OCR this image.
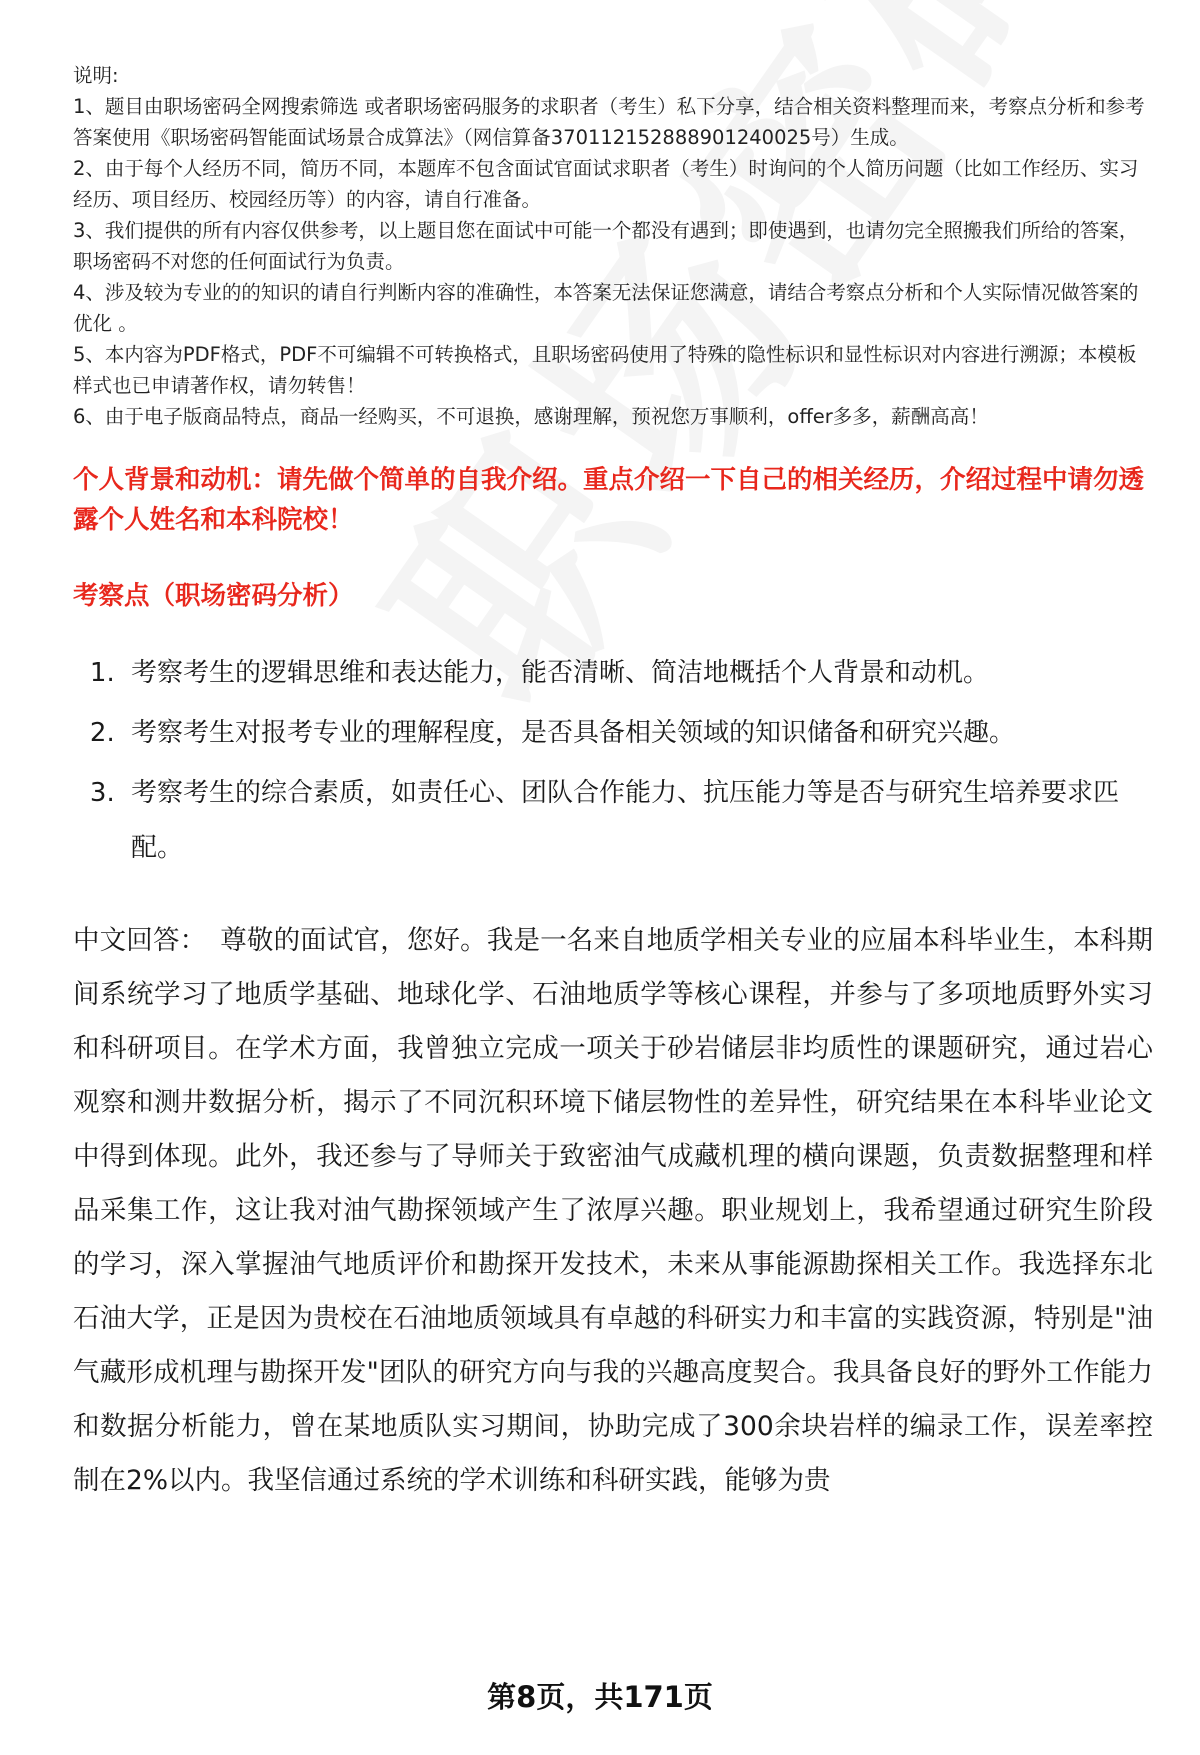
说明:

1、题目由职场密码全网搜索筛选 或者职场密码服务的求职者（考生）私下分享，结合相关资料整理而来，考察点分析和参考答案使用《职场密码智能面试场景合成算法》（网信算备370112152888901240025号）生成。

2、由于每个人经历不同，简历不同，本题库不包含面试官面试求职者（考生）时询问的个人简历问题（比如工作经历、实习经历、项目经历、校园经历等）的内容，请自行准备。

3、我们提供的所有内容仅供参考，以上题目您在面试中可能一个都没有遇到；即使遇到，也请勿完全照搬我们所给的答案，职场密码不对您的任何面试行为负责。

4、涉及较为专业的的知识的请自行判断内容的准确性，本答案无法保证您满意，请结合考察点分析和个人实际情况做答案的优化 。

5、本内容为PDF格式，PDF不可编辑不可转换格式，且职场密码使用了特殊的隐性标识和显性标识对内容进行溯源；本模板样式也已申请著作权，请勿转售！

6、由于电子版商品特点，商品一经购买，不可退换，感谢理解，预祝您万事顺利，offer多多，薪酬高高！

个人背景和动机：请先做个简单的自我介绍。重点介绍一下自己的相关经历，介绍过程中请勿透露个人姓名和本科院校！
考察点（职场密码分析）
1. 考察考生的逻辑思维和表达能力，能否清晰、简洁地概括个人背景和动机。
2. 考察考生对报考专业的理解程度，是否具备相关领域的知识储备和研究兴趣。
3. 考察考生的综合素质，如责任心、团队合作能力、抗压能力等是否与研究生培养要求匹配。
中文回答： 尊敬的面试官，您好。我是一名来自地质学相关专业的应届本科毕业生，本科期间系统学习了地质学基础、地球化学、石油地质学等核心课程，并参与了多项地质野外实习和科研项目。在学术方面，我曾独立完成一项关于砂岩储层非均质性的课题研究，通过岩心观察和测井数据分析，揭示了不同沉积环境下储层物性的差异性，研究结果在本科毕业论文中得到体现。此外，我还参与了导师关于致密油气成藏机理的横向课题，负责数据整理和样品采集工作，这让我对油气勘探领域产生了浓厚兴趣。职业规划上，我希望通过研究生阶段的学习，深入掌握油气地质评价和勘探开发技术，未来从事能源勘探相关工作。我选择东北石油大学，正是因为贵校在石油地质领域具有卓越的科研实力和丰富的实践资源，特别是"油气藏形成机理与勘探开发"团队的研究方向与我的兴趣高度契合。我具备良好的野外工作能力和数据分析能力，曾在某地质队实习期间，协助完成了300余块岩样的编录工作，误差率控制在2%以内。我坚信通过系统的学术训练和科研实践，能够为贵
第8页，共171页
